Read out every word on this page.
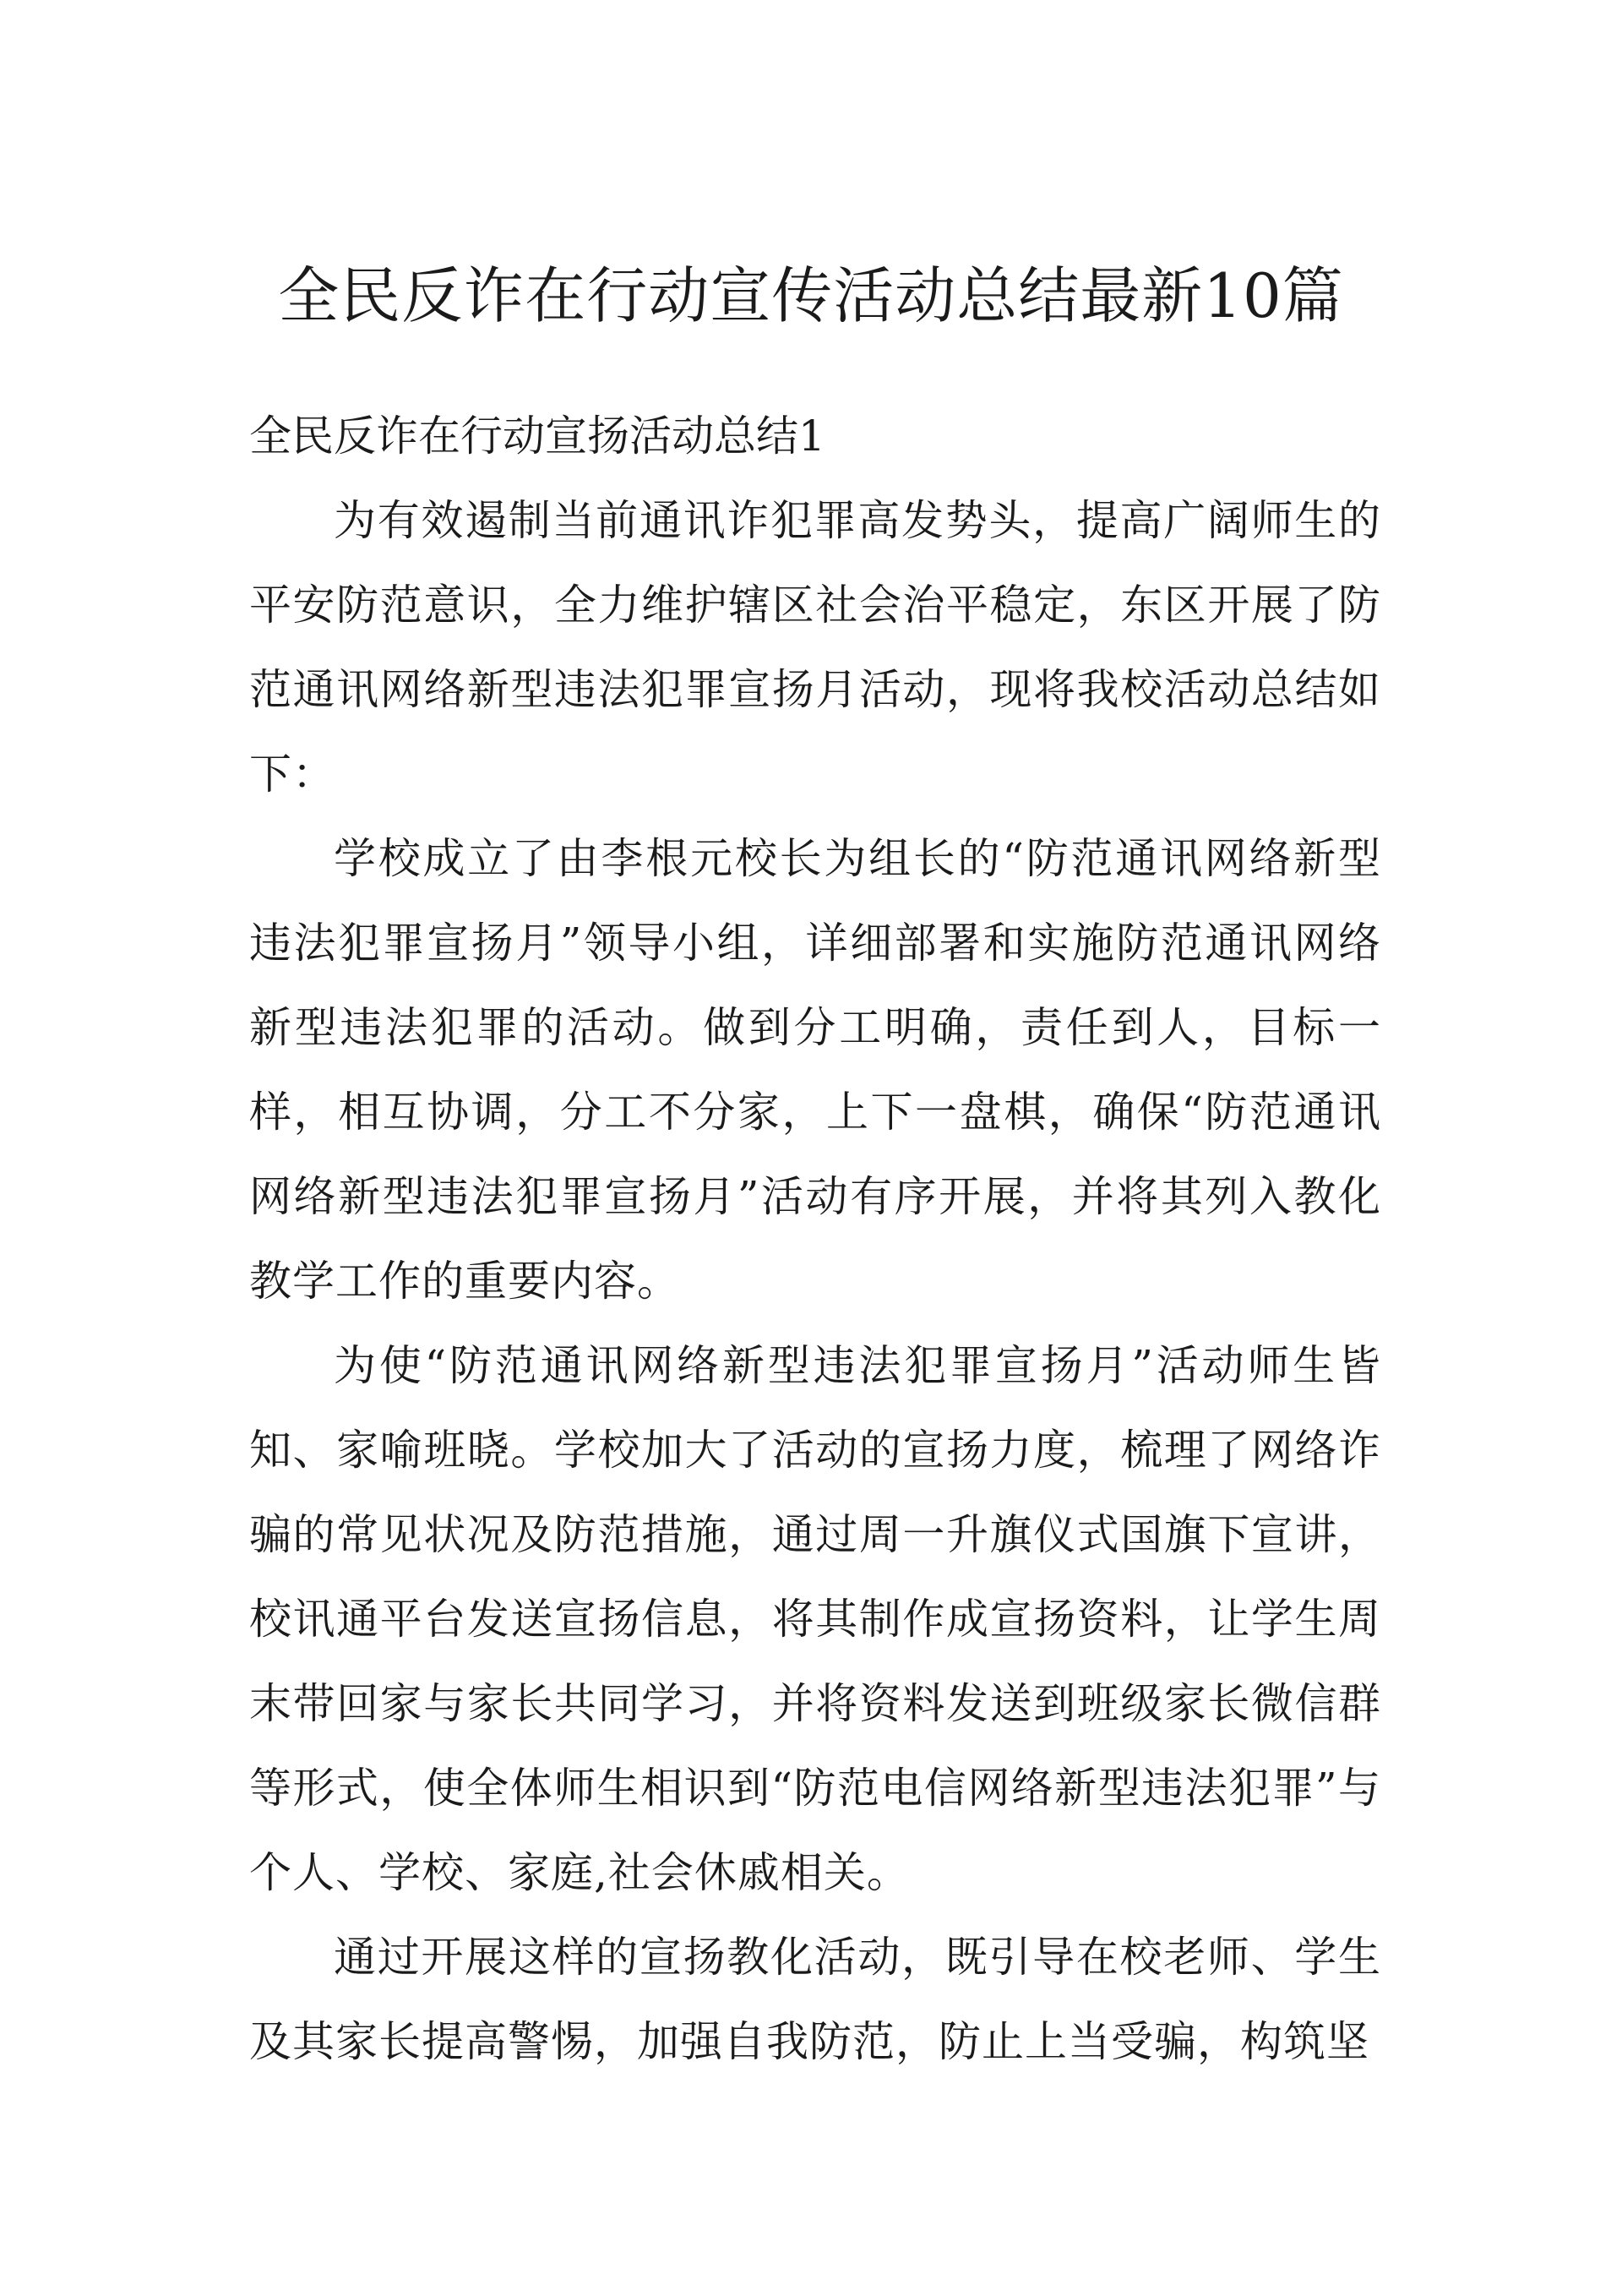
全民反诈在行动宣传活动总结最新10篇

全民反诈在行动宣扬活动总结1

为有效遏制当前通讯诈犯罪高发势头，提高广阔师生的平安防范意识，全力维护辖区社会治平稳定，东区开展了防范通讯网络新型违法犯罪宣扬月活动，现将我校活动总结如下：

学校成立了由李根元校长为组长的“防范通讯网络新型违法犯罪宣扬月”领导小组，详细部署和实施防范通讯网络新型违法犯罪的活动。做到分工明确，责任到人，目标一样，相互协调，分工不分家，上下一盘棋，确保“防范通讯网络新型违法犯罪宣扬月”活动有序开展，并将其列入教化教学工作的重要内容。

为使“防范通讯网络新型违法犯罪宣扬月”活动师生皆知、家喻班晓。学校加大了活动的宣扬力度，梳理了网络诈骗的常见状况及防范措施，通过周一升旗仪式国旗下宣讲，校讯通平台发送宣扬信息，将其制作成宣扬资料，让学生周末带回家与家长共同学习，并将资料发送到班级家长微信群等形式，使全体师生相识到“防范电信网络新型违法犯罪”与个人、学校、家庭,社会休戚相关。

通过开展这样的宣扬教化活动，既引导在校老师、学生及其家长提高警惕，加强自我防范，防止上当受骗，构筑坚
